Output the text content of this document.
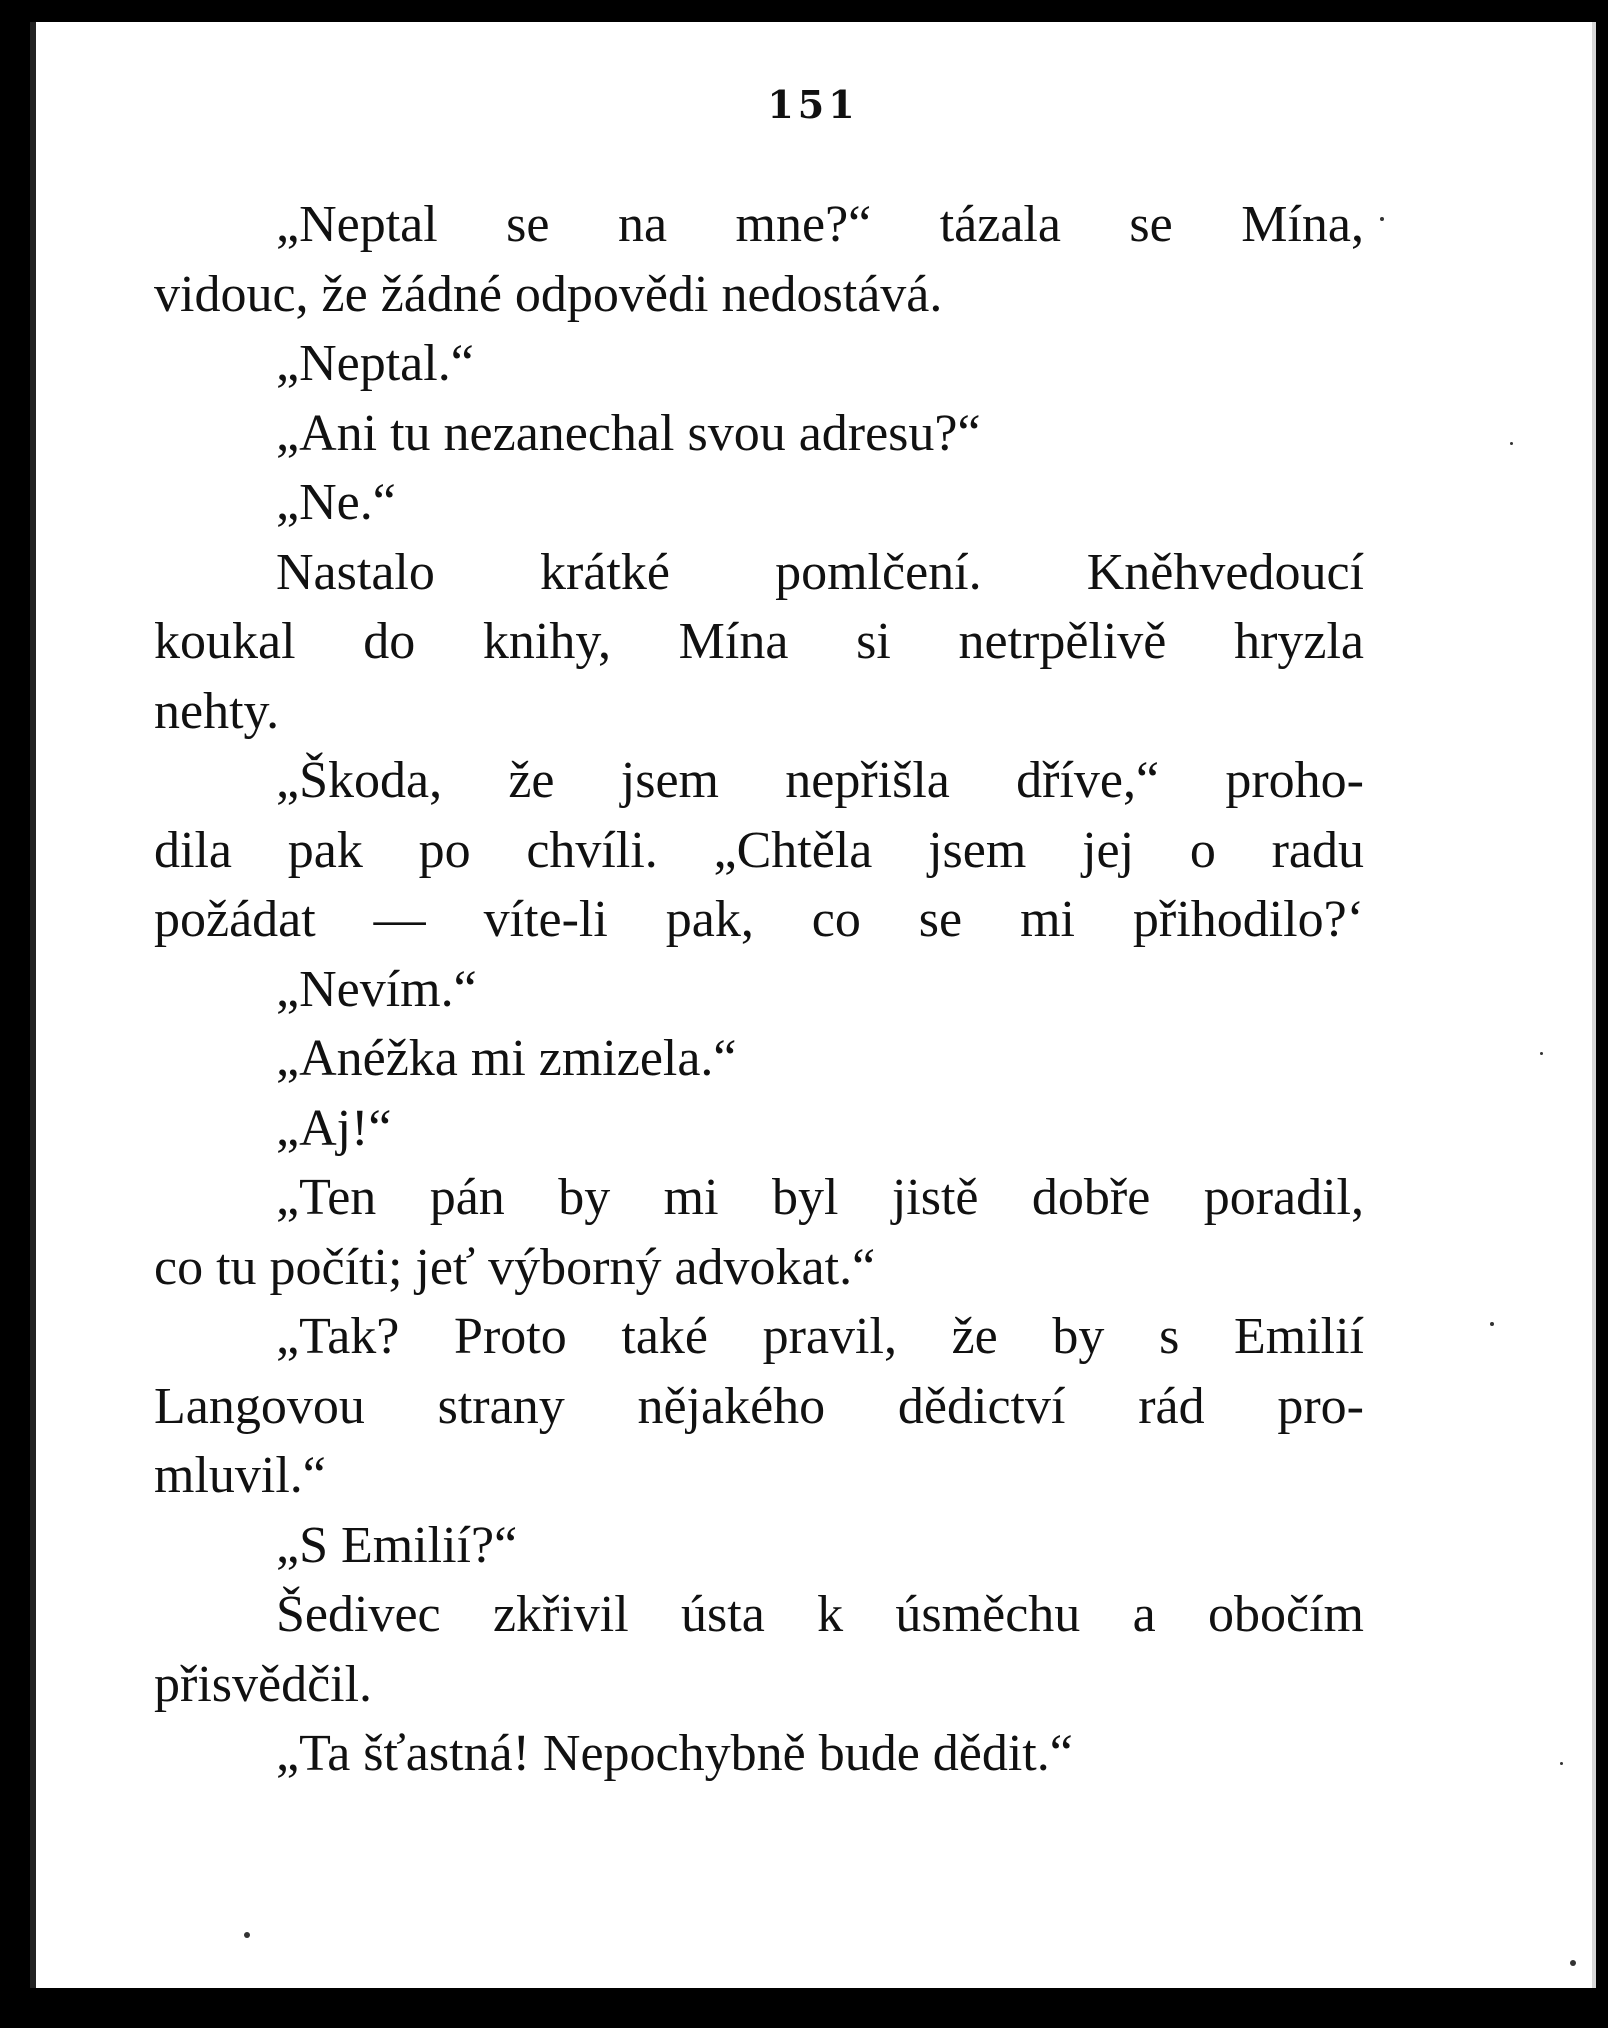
151
„Neptal se na mne?“ tázala se Mína,
vidouc, že žádné odpovědi nedostává.
„Neptal.“
„Ani tu nezanechal svou adresu?“
„Ne.“
Nastalo krátké pomlčení. Kněhvedoucí
koukal do knihy, Mína si netrpělivě hryzla
nehty.
„Škoda, že jsem nepřišla dříve,“ proho-
dila pak po chvíli. „Chtěla jsem jej o radu
požádat — víte-li pak, co se mi přihodilo?‘
„Nevím.“
„Anéžka mi zmizela.“
„Aj!“
„Ten pán by mi byl jistě dobře poradil,
co tu počíti; jeť výborný advokat.“
„Tak? Proto také pravil, že by s Emilií
Langovou strany nějakého dědictví rád pro-
mluvil.“
„S Emilií?“
Šedivec zkřivil ústa k úsměchu a obočím
přisvědčil.
„Ta šťastná! Nepochybně bude dědit.“
